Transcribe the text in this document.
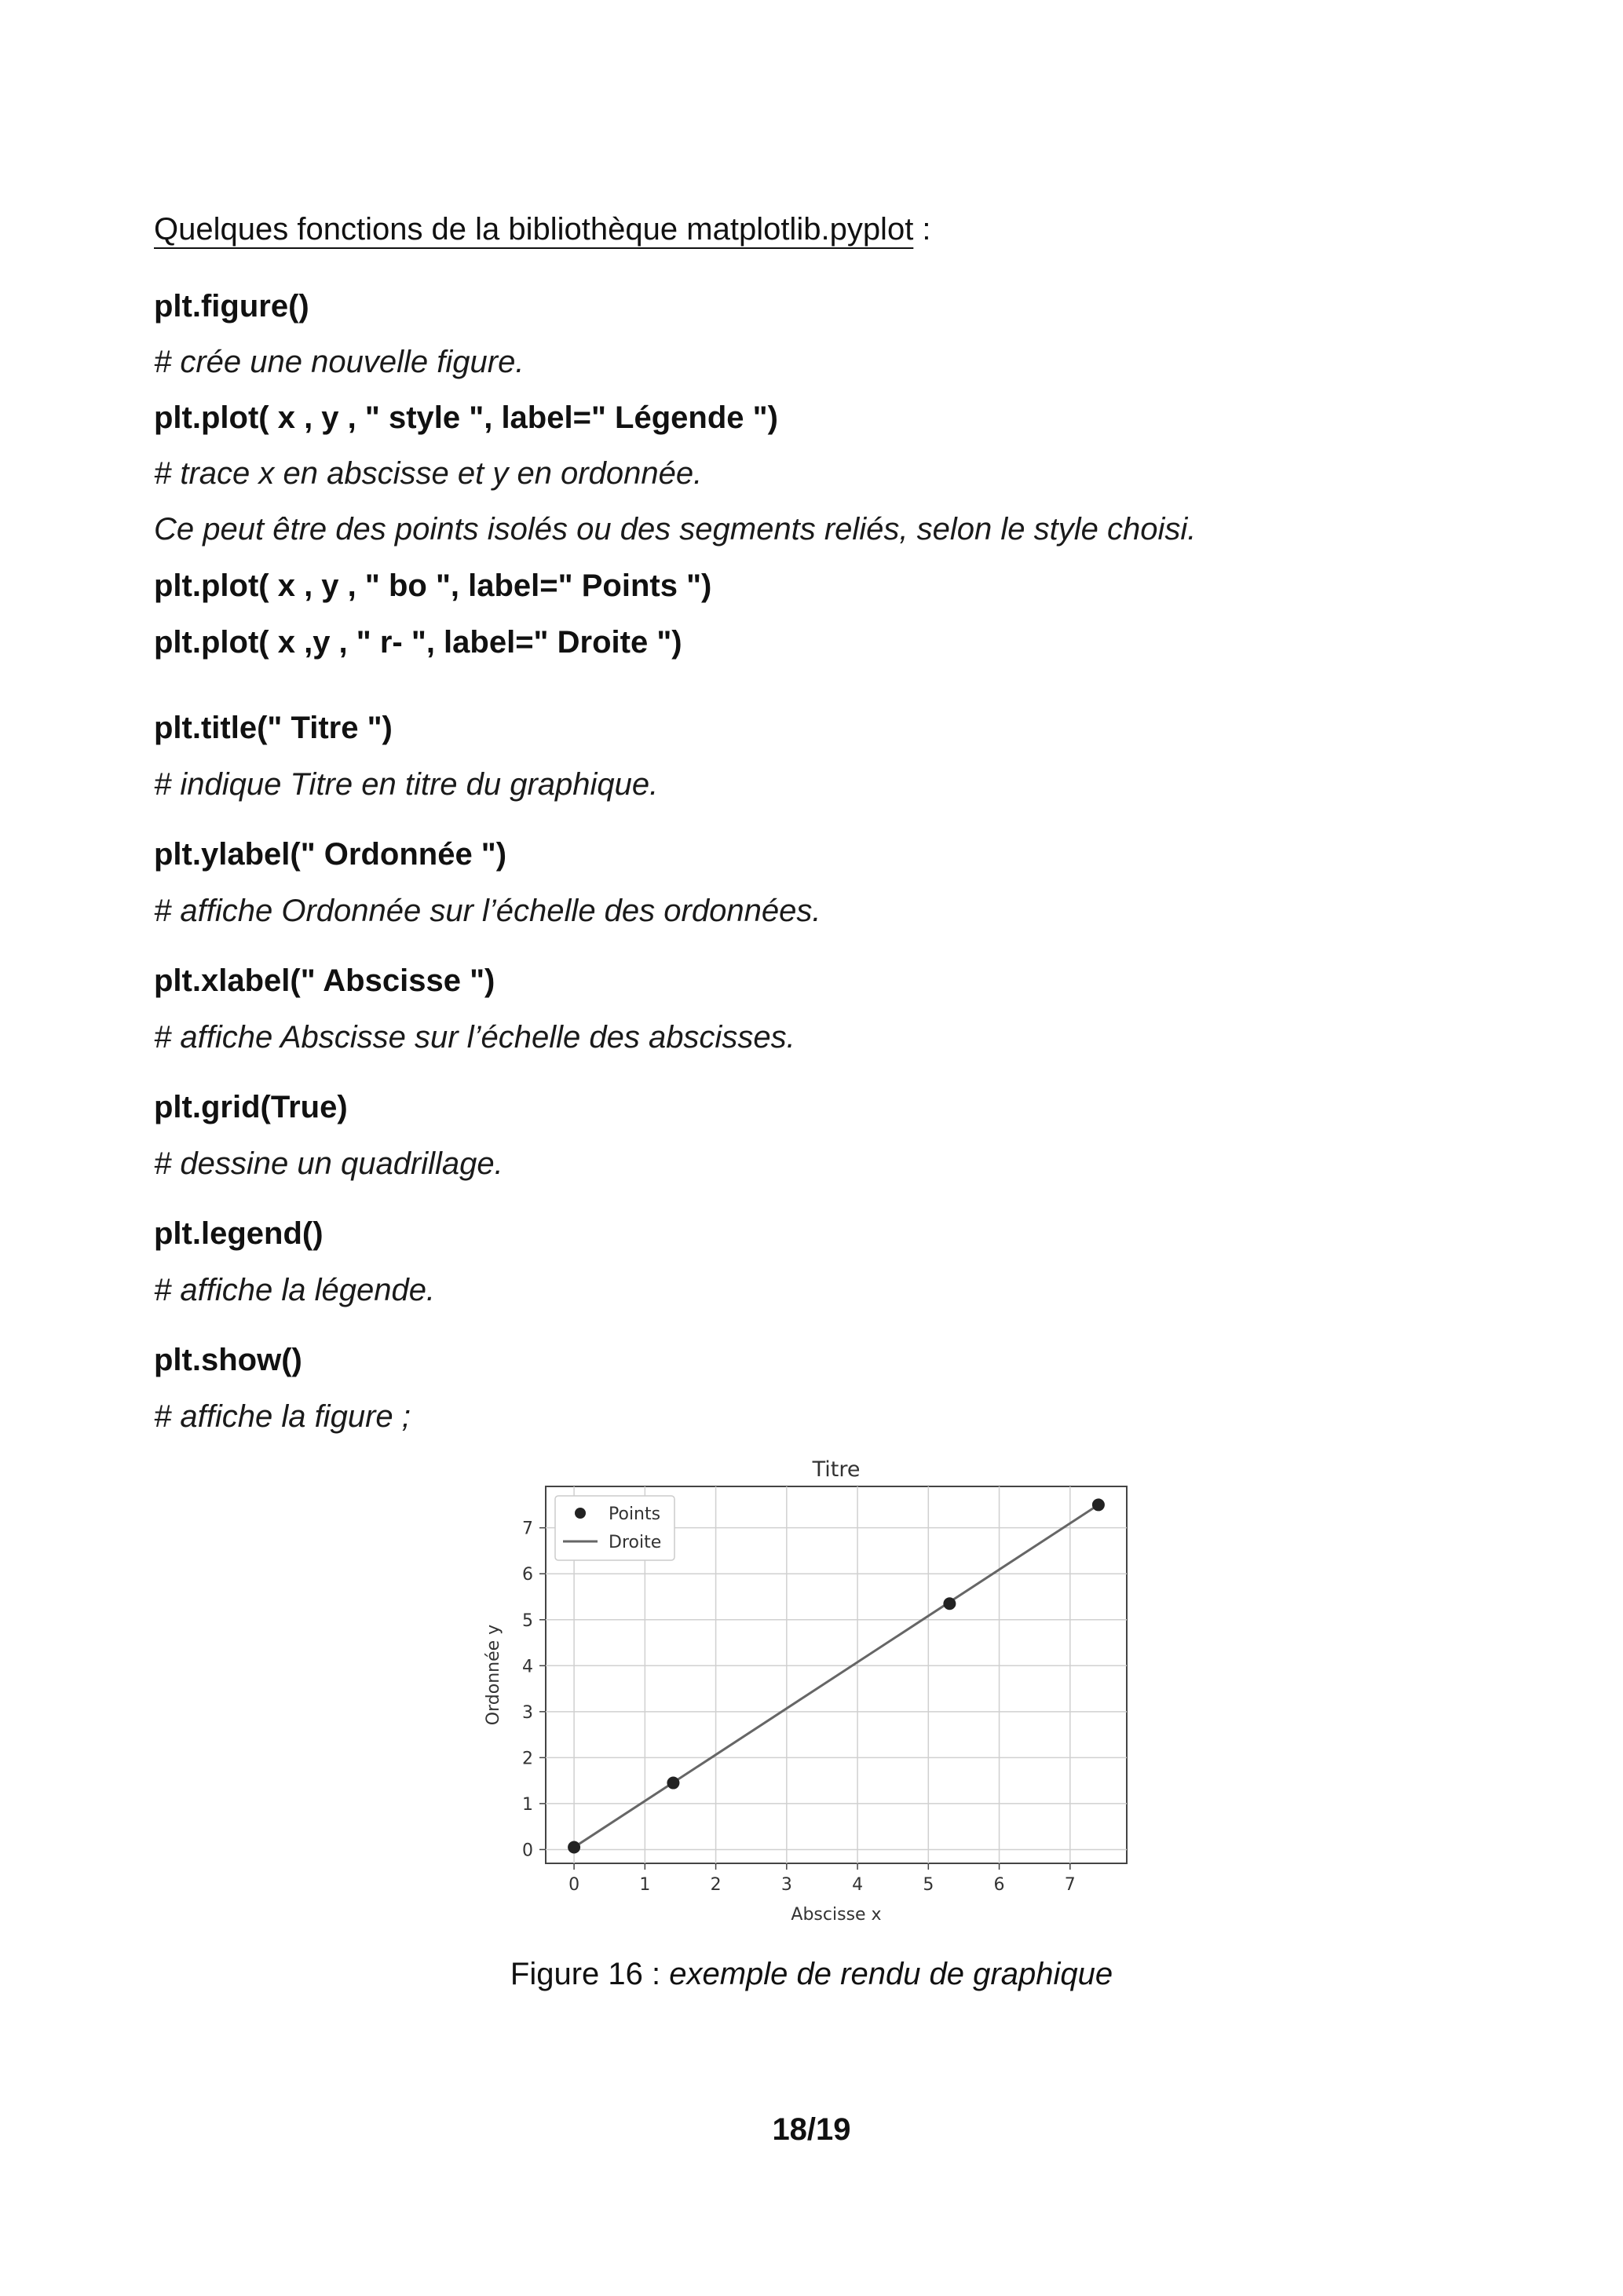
Quelques fonctions de la bibliothèque matplotlib.pyplot :
plt.figure()
# crée une nouvelle figure.
plt.plot( x , y , " style ", label=" Légende ")
# trace x en abscisse et y en ordonnée.
Ce peut être des points isolés ou des segments reliés, selon le style choisi.
plt.plot( x , y , " bo ", label=" Points ")
plt.plot( x ,y , " r- ", label=" Droite ")
plt.title(" Titre ")
# indique Titre en titre du graphique.
plt.ylabel(" Ordonnée ")
# affiche Ordonnée sur l’échelle des ordonnées.
plt.xlabel(" Abscisse ")
# affiche Abscisse sur l’échelle des abscisses.
plt.grid(True)
# dessine un quadrillage.
plt.legend()
# affiche la légende.
plt.show()
# affiche la figure ;
0	1	2	3	4	5	6	7
0
1
2
3
4
5
6
7
Titre
Abscisse x
Ordonnée y
Points
Droite
Figure 16 : exemple de rendu de graphique
18/19
